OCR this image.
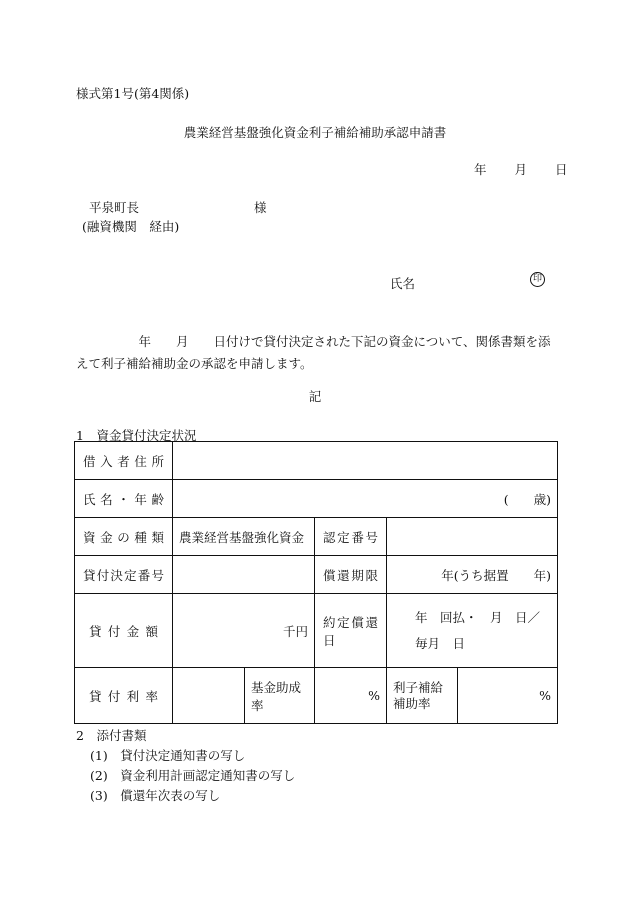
様式第1号(第4関係)
農業経営基盤強化資金利子補給補助承認申請書
年 月 日
平泉町長	様
(融資機関　経由)
氏名	印
　　　　　年　　月　　日付けで貸付決定された下記の資金について、関係書類を添えて利子補給補助金の承認を申請します。
記
1　資金貸付決定状況
借入者住所					
氏名・年齢	(　　歳)				
資金の種類	農業経営基盤強化資金		認定番号		
貸付決定番号			償還期限	年(うち据置　　年)	
貸付金額	千円		約定償還日	年　回払・　月　日／
毎月　日	

貸付利率		基金助成率	%	利子補給補助率	%
2　添付書類
(1)　貸付決定通知書の写し
(2)　資金利用計画認定通知書の写し
(3)　償還年次表の写し
